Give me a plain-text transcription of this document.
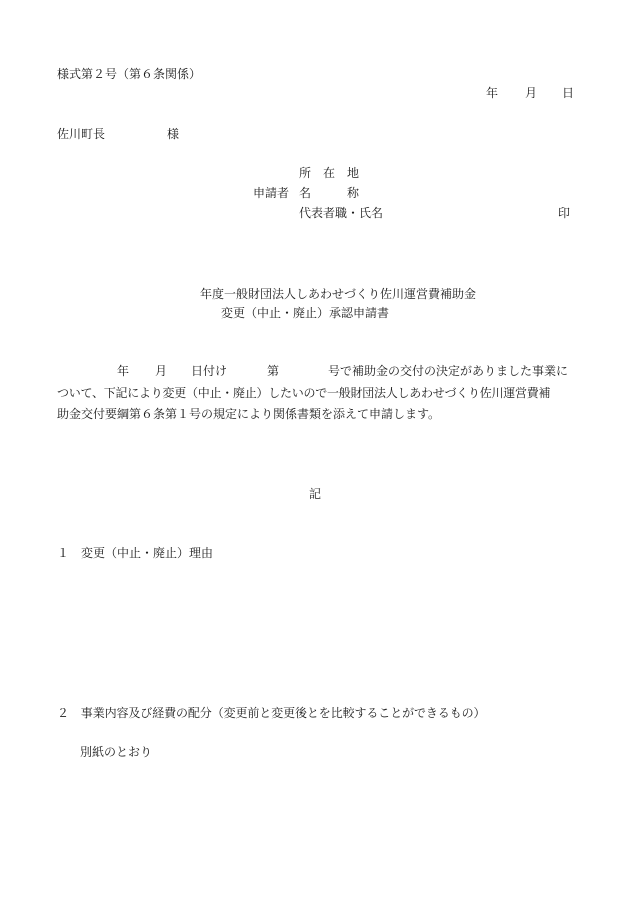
様式第２号（第６条関係）
年 月 日
佐川町長	様
所　在　地
申請者 名　　　称
代表者職・氏名	印
年度一般財団法人しあわせづくり佐川運営費補助金
変更（中止・廃止）承認申請書
年 月 日付け	第	号で補助金の交付の決定がありました事業に
ついて、下記により変更（中止・廃止）したいので一般財団法人しあわせづくり佐川運営費補
助金交付要綱第６条第１号の規定により関係書類を添えて申請します。
記
１　変更（中止・廃止）理由
２　事業内容及び経費の配分（変更前と変更後とを比較することができるもの）
別紙のとおり
